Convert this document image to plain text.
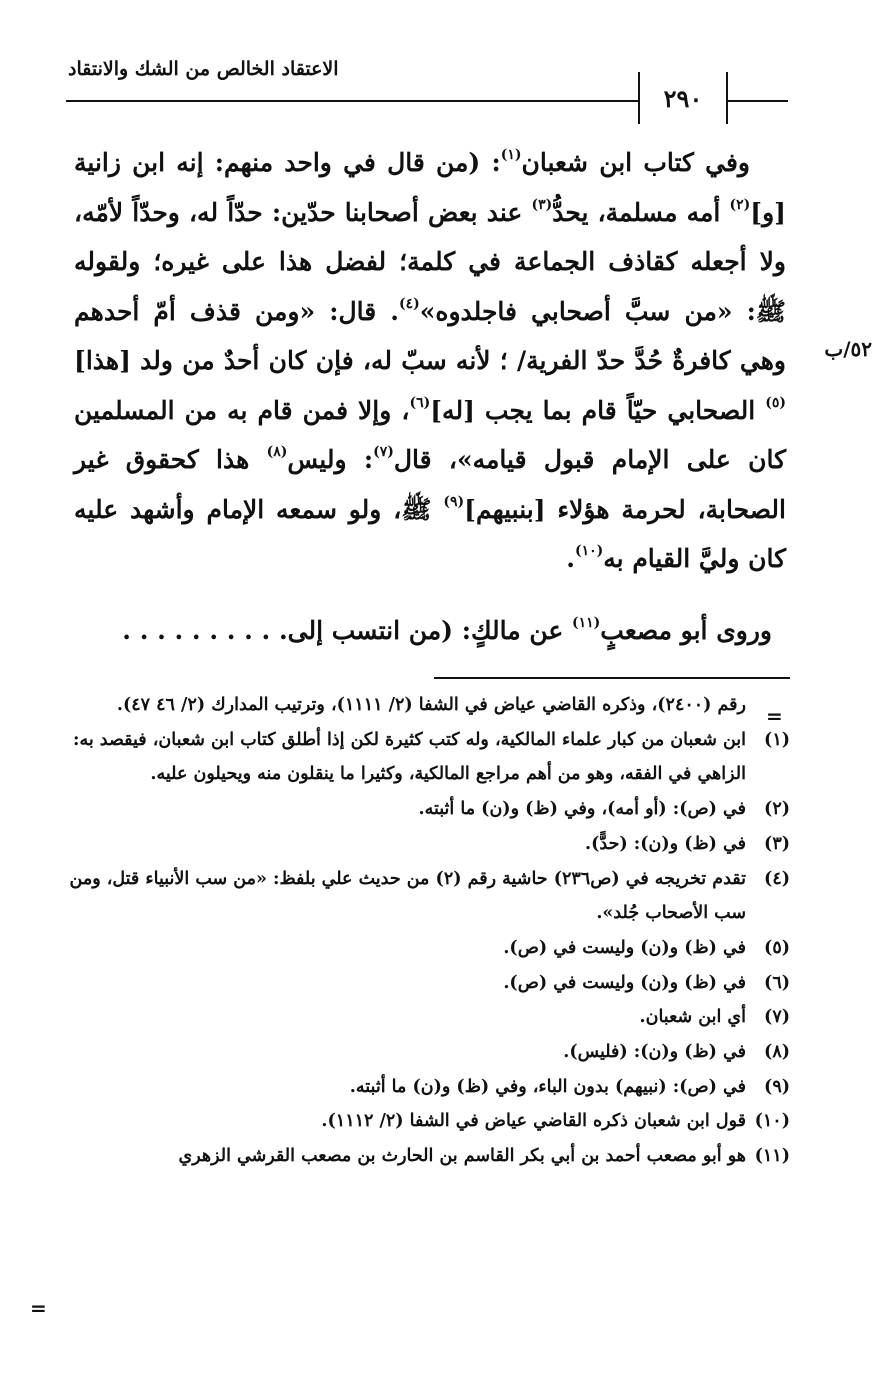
الاعتقاد الخالص من الشك والانتقاد
٢٩٠
٥٢/ب

وفي كتاب ابن شعبان$^{(١)}$: (من قال في واحد منهم: إنه ابن زانية [و]$^{(٢)}$ أمه مسلمة، يحدُّ$^{(٣)}$ عند بعض أصحابنا حدّين: حدّاً له، وحدّاً لأمّه، ولا أجعله كقاذف الجماعة في كلمة؛ لفضل هذا على غيره؛ ولقوله ﷺ: «من سبَّ أصحابي فاجلدوه»$^{(٤)}$. قال: «ومن قذف أمّ أحدهم وهي كافرةٌ حُدَّ حدّ الفرية/ ؛ لأنه سبّ له، فإن كان أحدٌ من ولد [هذا]$^{(٥)}$ الصحابي حيّاً قام بما يجب [له]$^{(٦)}$، وإلا فمن قام به من المسلمين كان على الإمام قبول قيامه»، قال$^{(٧)}$: وليس$^{(٨)}$ هذا كحقوق غير الصحابة، لحرمة هؤلاء [بنبيهم]$^{(٩)}$ ﷺ، ولو سمعه الإمام وأشهد عليه كان وليَّ القيام به$^{(١٠)}$.

وروى أبو مصعبٍ$^{(١١)}$ عن مالكٍ: (من انتسب إلى. . . . . . . . . .
=
=
رقم (٢٤٠٠)، وذكره القاضي عياض في الشفا (٢/ ١١١١)، وترتيب المدارك (٢/ ٤٦ ٤٧).
(١)
ابن شعبان من كبار علماء المالكية، وله كتب كثيرة لكن إذا أطلق كتاب ابن شعبان، فيقصد به: الزاهي في الفقه، وهو من أهم مراجع المالكية، وكثيرا ما ينقلون منه ويحيلون عليه.
(٢)
في (ص): (أو أمه)، وفي (ظ) و(ن) ما أثبته.
(٣)
في (ظ) و(ن): (حدًّ).
(٤)
تقدم تخريجه في (ص٢٣٦) حاشية رقم (٢) من حديث علي بلفظ: «من سب الأنبياء قتل، ومن سب الأصحاب جُلد».
(٥)
في (ظ) و(ن) وليست في (ص).
(٦)
في (ظ) و(ن) وليست في (ص).
(٧)
أي ابن شعبان.
(٨)
في (ظ) و(ن): (فليس).
(٩)
في (ص): (نبيهم) بدون الباء، وفي (ظ) و(ن) ما أثبته.
(١٠)
قول ابن شعبان ذكره القاضي عياض في الشفا (٢/ ١١١٢).
(١١)
هو أبو مصعب أحمد بن أبي بكر القاسم بن الحارث بن مصعب القرشي الزهري
